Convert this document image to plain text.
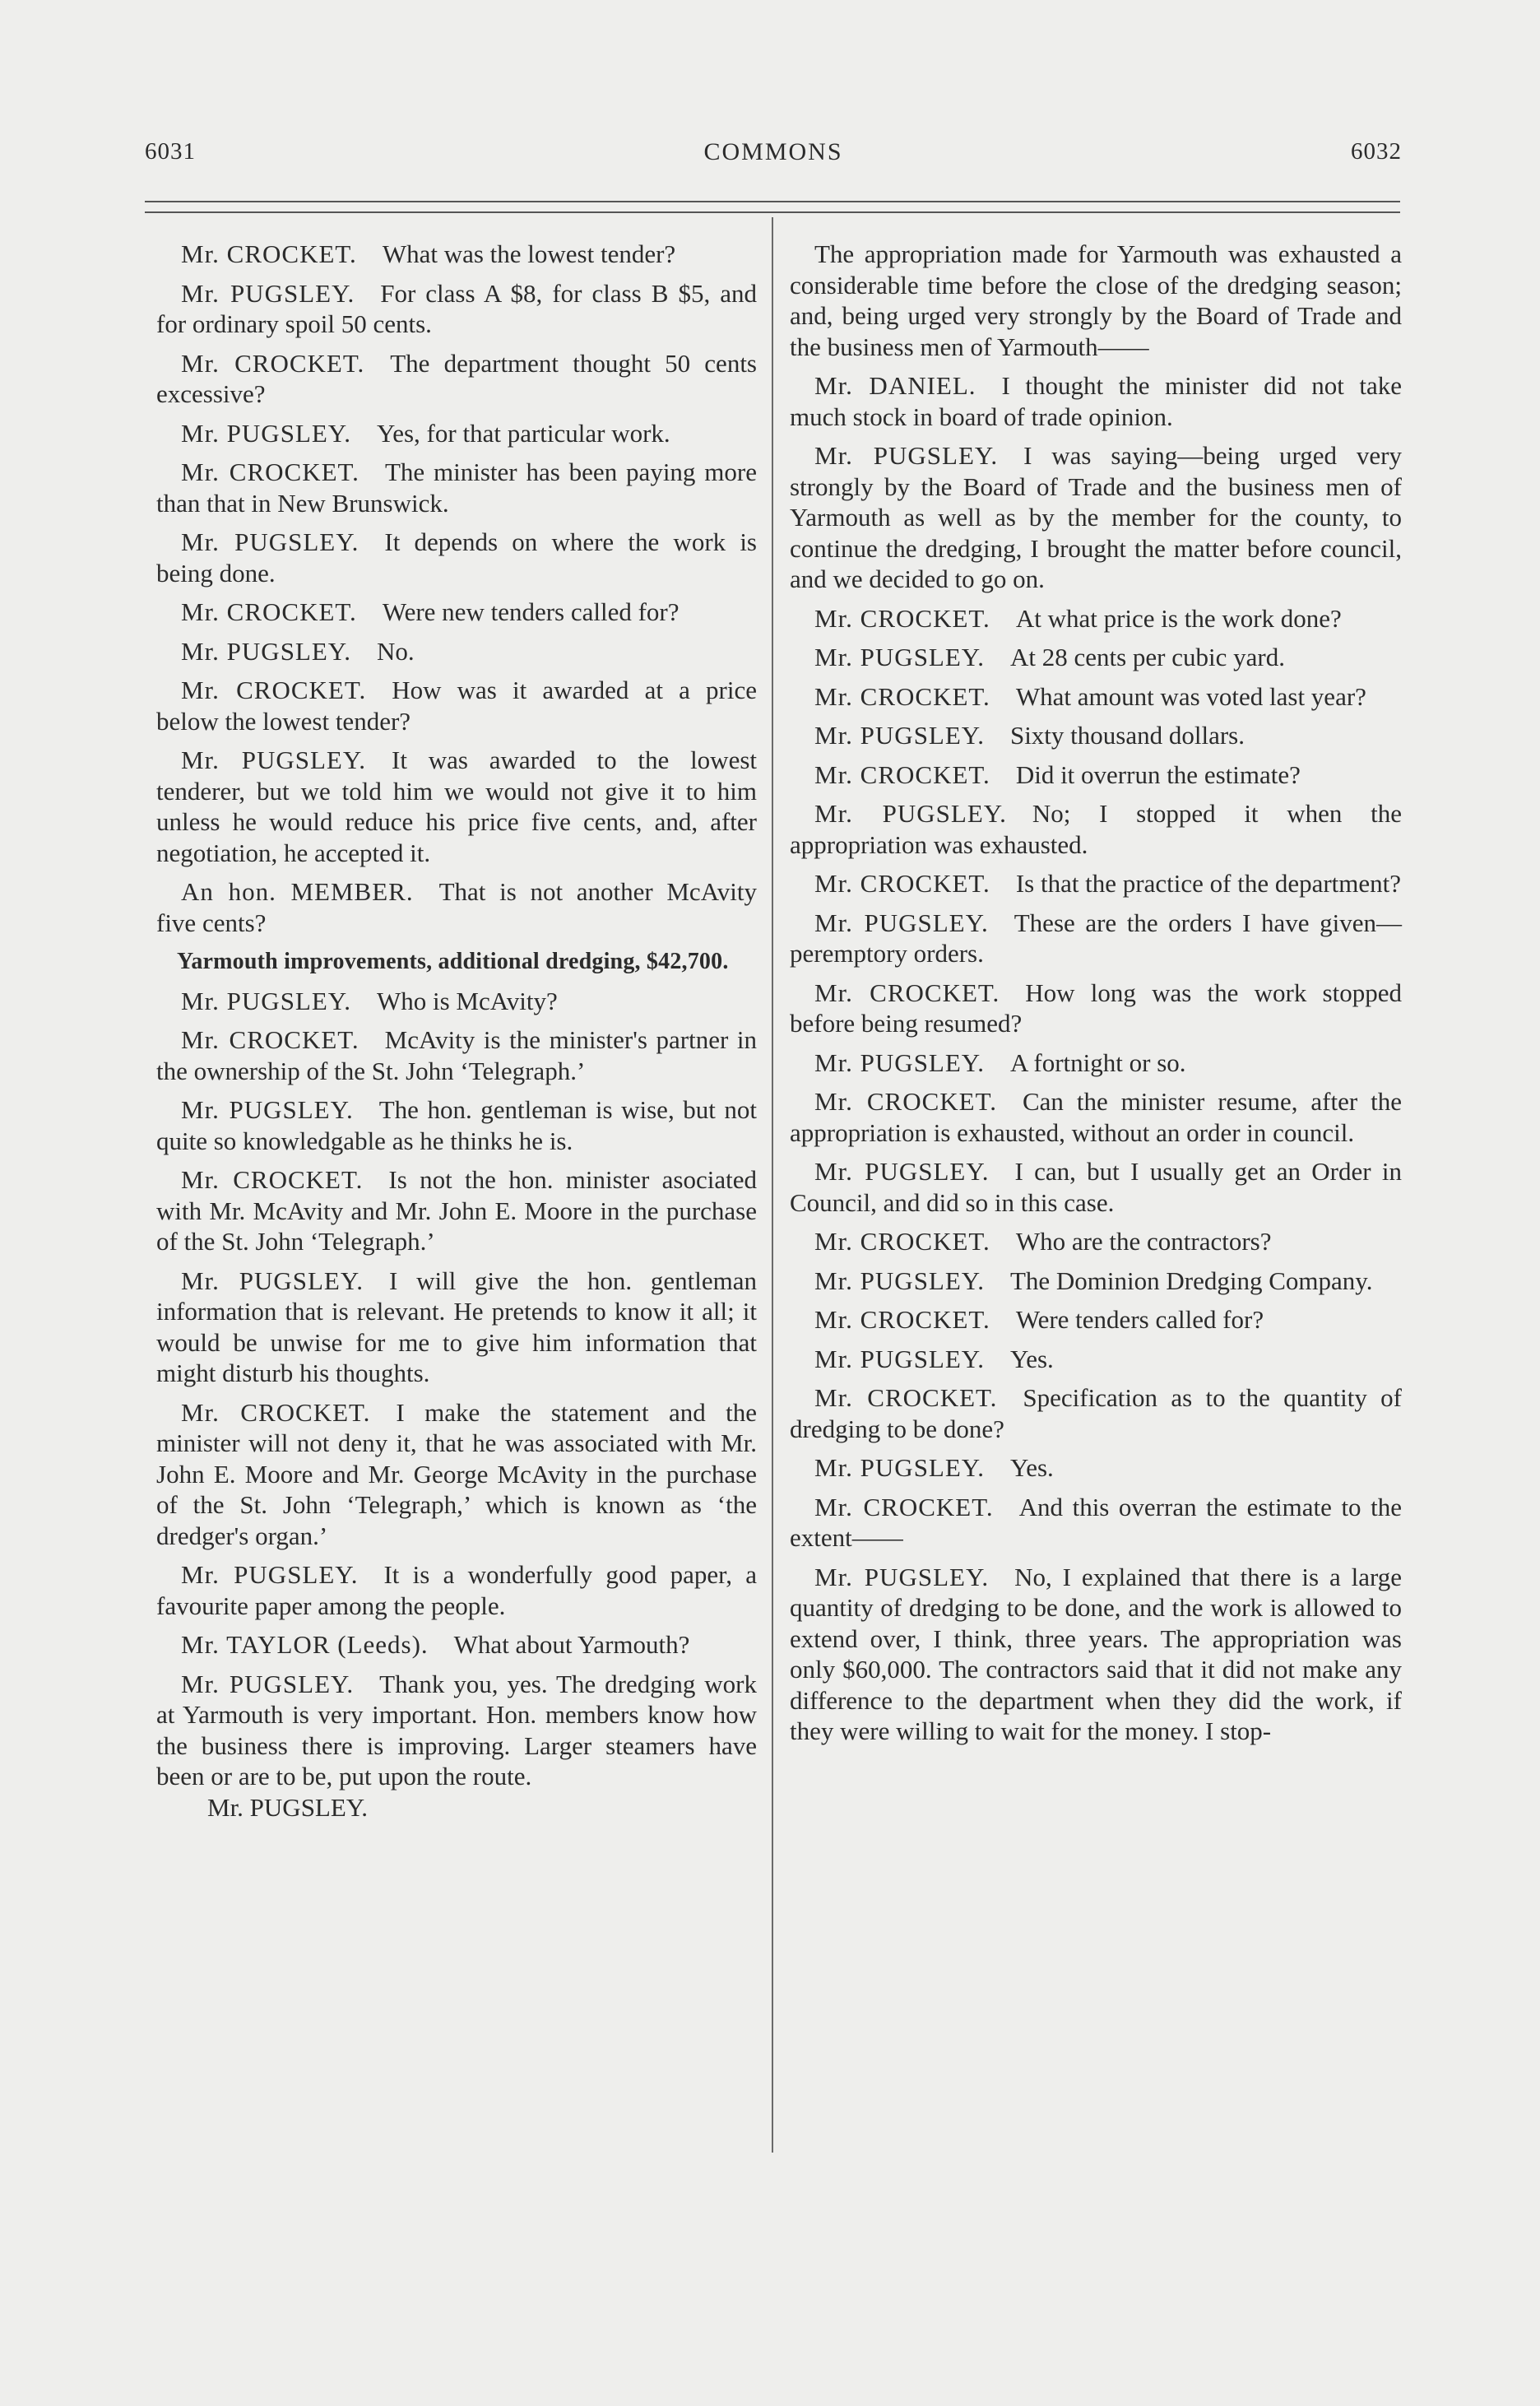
6031	COMMONS	6032

Mr. CROCKET. What was the lowest tender?

Mr. PUGSLEY. For class A $8, for class B $5, and for ordinary spoil 50 cents.

Mr. CROCKET. The department thought 50 cents excessive?

Mr. PUGSLEY. Yes, for that particular work.

Mr. CROCKET. The minister has been paying more than that in New Brunswick.

Mr. PUGSLEY. It depends on where the work is being done.

Mr. CROCKET. Were new tenders called for?

Mr. PUGSLEY. No.

Mr. CROCKET. How was it awarded at a price below the lowest tender?

Mr. PUGSLEY. It was awarded to the lowest tenderer, but we told him we would not give it to him unless he would reduce his price five cents, and, after negotiation, he accepted it.

An hon. MEMBER. That is not another McAvity five cents?

Yarmouth improvements, additional dredging, $42,700.

Mr. PUGSLEY. Who is McAvity?

Mr. CROCKET. McAvity is the minister's partner in the ownership of the St. John ‘Telegraph.’

Mr. PUGSLEY. The hon. gentleman is wise, but not quite so knowledgable as he thinks he is.

Mr. CROCKET. Is not the hon. minister asociated with Mr. McAvity and Mr. John E. Moore in the purchase of the St. John ‘Telegraph.’

Mr. PUGSLEY. I will give the hon. gentleman information that is relevant. He pretends to know it all; it would be unwise for me to give him information that might disturb his thoughts.

Mr. CROCKET. I make the statement and the minister will not deny it, that he was associated with Mr. John E. Moore and Mr. George McAvity in the purchase of the St. John ‘Telegraph,’ which is known as ‘the dredger's organ.’

Mr. PUGSLEY. It is a wonderfully good paper, a favourite paper among the people.

Mr. TAYLOR (Leeds). What about Yarmouth?

Mr. PUGSLEY. Thank you, yes. The dredging work at Yarmouth is very important. Hon. members know how the business there is improving. Larger steamers have been or are to be, put upon the route.

Mr. PUGSLEY.

The appropriation made for Yarmouth was exhausted a considerable time before the close of the dredging season; and, being urged very strongly by the Board of Trade and the business men of Yarmouth——

Mr. DANIEL. I thought the minister did not take much stock in board of trade opinion.

Mr. PUGSLEY. I was saying—being urged very strongly by the Board of Trade and the business men of Yarmouth as well as by the member for the county, to continue the dredging, I brought the matter before council, and we decided to go on.

Mr. CROCKET. At what price is the work done?

Mr. PUGSLEY. At 28 cents per cubic yard.

Mr. CROCKET. What amount was voted last year?

Mr. PUGSLEY. Sixty thousand dollars.

Mr. CROCKET. Did it overrun the estimate?

Mr. PUGSLEY. No; I stopped it when the appropriation was exhausted.

Mr. CROCKET. Is that the practice of the department?

Mr. PUGSLEY. These are the orders I have given—peremptory orders.

Mr. CROCKET. How long was the work stopped before being resumed?

Mr. PUGSLEY. A fortnight or so.

Mr. CROCKET. Can the minister resume, after the appropriation is exhausted, without an order in council.

Mr. PUGSLEY. I can, but I usually get an Order in Council, and did so in this case.

Mr. CROCKET. Who are the contractors?

Mr. PUGSLEY. The Dominion Dredging Company.

Mr. CROCKET. Were tenders called for?

Mr. PUGSLEY. Yes.

Mr. CROCKET. Specification as to the quantity of dredging to be done?

Mr. PUGSLEY. Yes.

Mr. CROCKET. And this overran the estimate to the extent——

Mr. PUGSLEY. No, I explained that there is a large quantity of dredging to be done, and the work is allowed to extend over, I think, three years. The appropriation was only $60,000. The contractors said that it did not make any difference to the department when they did the work, if they were willing to wait for the money. I stop-
